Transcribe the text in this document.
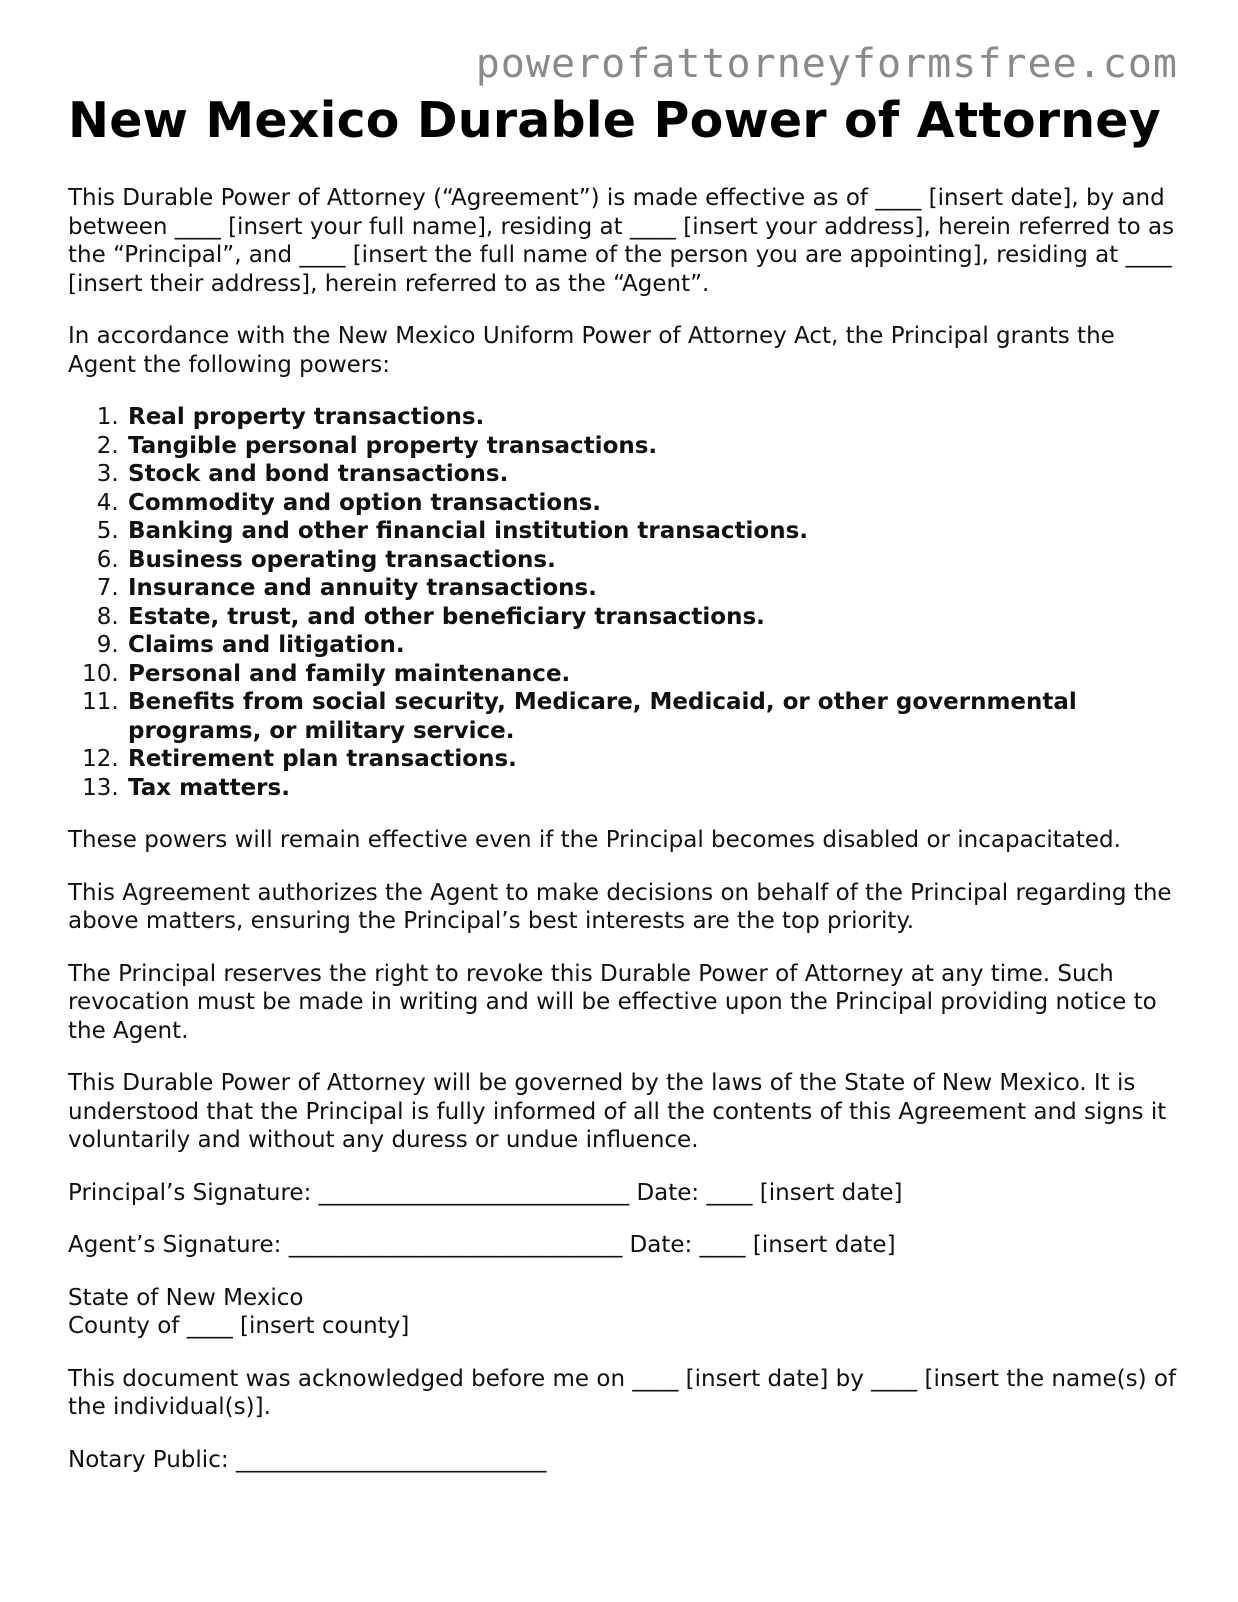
powerofattorneyformsfree.com
New Mexico Durable Power of Attorney

This Durable Power of Attorney (“Agreement”) is made effective as of ____ [insert date], by and between ____ [insert your full name], residing at ____ [insert your address], herein referred to as the “Principal”, and ____ [insert the full name of the person you are appointing], residing at ____ [insert their address], herein referred to as the “Agent”.

In accordance with the New Mexico Uniform Power of Attorney Act, the Principal grants the Agent the following powers:

1. Real property transactions.
2. Tangible personal property transactions.
3. Stock and bond transactions.
4. Commodity and option transactions.
5. Banking and other financial institution transactions.
6. Business operating transactions.
7. Insurance and annuity transactions.
8. Estate, trust, and other beneficiary transactions.
9. Claims and litigation.
10. Personal and family maintenance.
11. Benefits from social security, Medicare, Medicaid, or other governmental programs, or military service.
12. Retirement plan transactions.
13. Tax matters.

These powers will remain effective even if the Principal becomes disabled or incapacitated.

This Agreement authorizes the Agent to make decisions on behalf of the Principal regarding the above matters, ensuring the Principal’s best interests are the top priority.

The Principal reserves the right to revoke this Durable Power of Attorney at any time. Such revocation must be made in writing and will be effective upon the Principal providing notice to the Agent.

This Durable Power of Attorney will be governed by the laws of the State of New Mexico. It is understood that the Principal is fully informed of all the contents of this Agreement and signs it voluntarily and without any duress or undue influence.

Principal’s Signature: ___________________________ Date: ____ [insert date]
Agent’s Signature: _____________________________ Date: ____ [insert date]

State of New Mexico

County of ____ [insert county]

This document was acknowledged before me on ____ [insert date] by ____ [insert the name(s) of the individual(s)].

Notary Public: ___________________________
